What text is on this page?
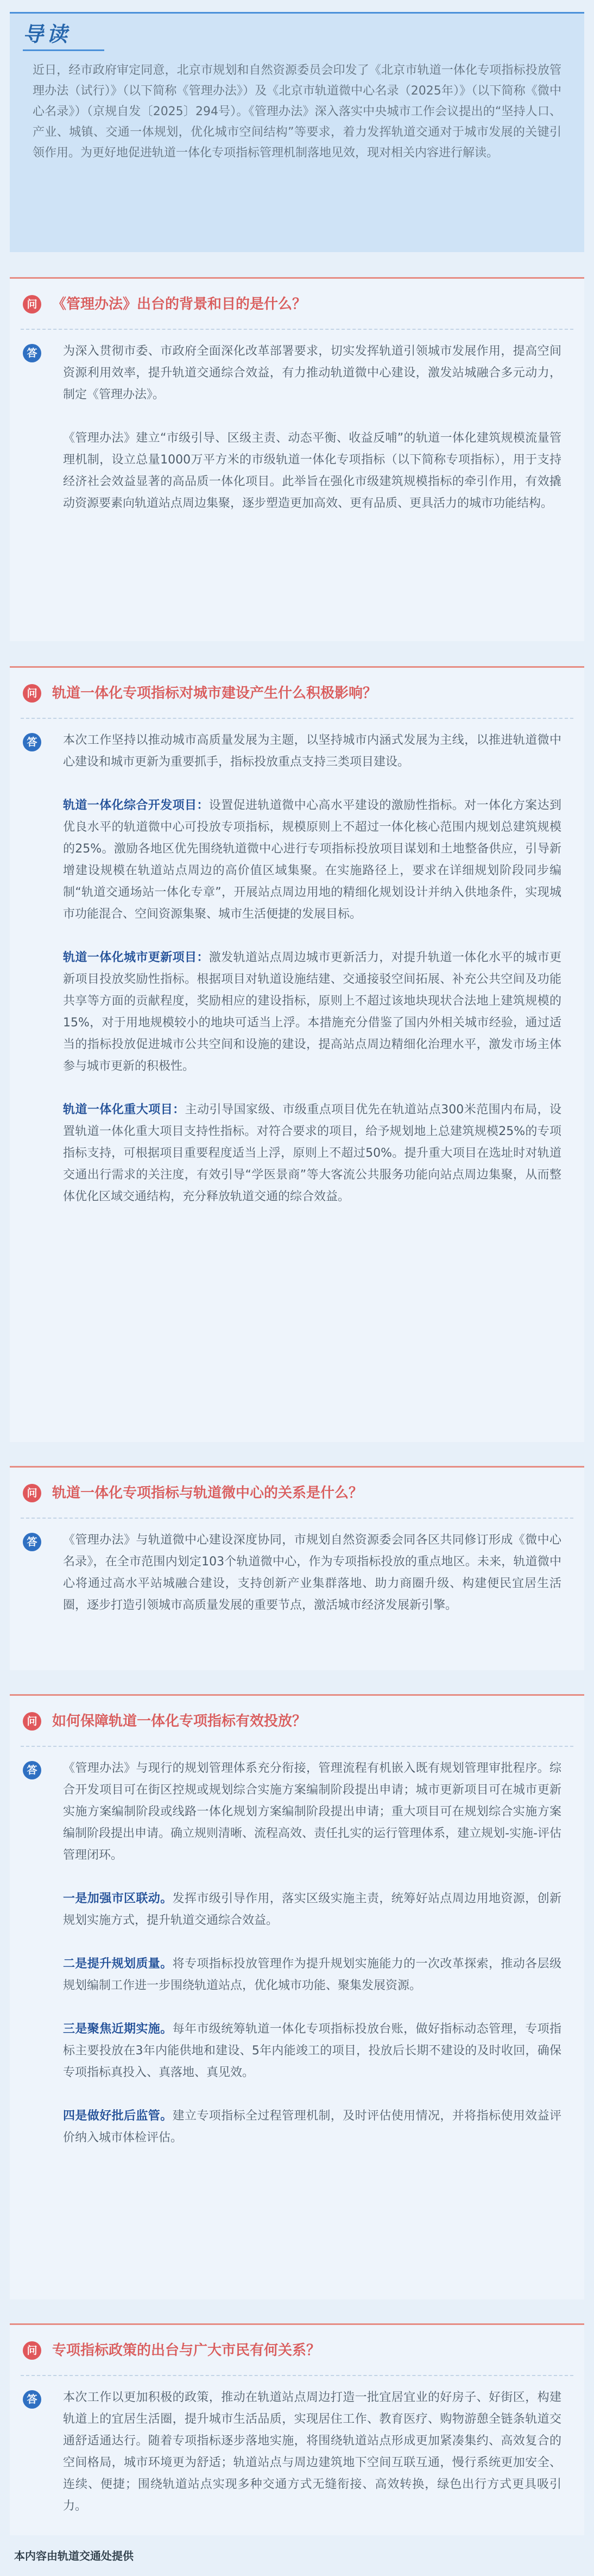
导读

近日，经市政府审定同意，北京市规划和自然资源委员会印发了《北京市轨道一体化专项指标投放管理办法（试行）》（以下简称《管理办法》）及《北京市轨道微中心名录（2025年）》（以下简称《微中心名录》）（京规自发〔2025〕294号）。《管理办法》深入落实中央城市工作会议提出的“坚持人口、产业、城镇、交通一体规划，优化城市空间结构”等要求，着力发挥轨道交通对于城市发展的关键引领作用。为更好地促进轨道一体化专项指标管理机制落地见效，现对相关内容进行解读。

问 《管理办法》出台的背景和目的是什么？
答	为深入贯彻市委、市政府全面深化改革部署要求，切实发挥轨道引领城市发展作用，提高空间资源利用效率，提升轨道交通综合效益，有力推动轨道微中心建设，激发站城融合多元动力，制定《管理办法》。

《管理办法》建立“市级引导、区级主责、动态平衡、收益反哺”的轨道一体化建筑规模流量管理机制，设立总量1000万平方米的市级轨道一体化专项指标（以下简称专项指标），用于支持经济社会效益显著的高品质一体化项目。此举旨在强化市级建筑规模指标的牵引作用，有效撬动资源要素向轨道站点周边集聚，逐步塑造更加高效、更有品质、更具活力的城市功能结构。

问 轨道一体化专项指标对城市建设产生什么积极影响？
答	本次工作坚持以推动城市高质量发展为主题，以坚持城市内涵式发展为主线，以推进轨道微中心建设和城市更新为重要抓手，指标投放重点支持三类项目建设。

轨道一体化综合开发项目：设置促进轨道微中心高水平建设的激励性指标。对一体化方案达到优良水平的轨道微中心可投放专项指标，规模原则上不超过一体化核心范围内规划总建筑规模的25%。激励各地区优先围绕轨道微中心进行专项指标投放项目谋划和土地整备供应，引导新增建设规模在轨道站点周边的高价值区域集聚。在实施路径上，要求在详细规划阶段同步编制“轨道交通场站一体化专章”，开展站点周边用地的精细化规划设计并纳入供地条件，实现城市功能混合、空间资源集聚、城市生活便捷的发展目标。

轨道一体化城市更新项目：激发轨道站点周边城市更新活力，对提升轨道一体化水平的城市更新项目投放奖励性指标。根据项目对轨道设施结建、交通接驳空间拓展、补充公共空间及功能共享等方面的贡献程度，奖励相应的建设指标，原则上不超过该地块现状合法地上建筑规模的15%，对于用地规模较小的地块可适当上浮。本措施充分借鉴了国内外相关城市经验，通过适当的指标投放促进城市公共空间和设施的建设，提高站点周边精细化治理水平，激发市场主体参与城市更新的积极性。

轨道一体化重大项目：主动引导国家级、市级重点项目优先在轨道站点300米范围内布局，设置轨道一体化重大项目支持性指标。对符合要求的项目，给予规划地上总建筑规模25%的专项指标支持，可根据项目重要程度适当上浮，原则上不超过50%。提升重大项目在选址时对轨道交通出行需求的关注度，有效引导“学医景商”等大客流公共服务功能向站点周边集聚，从而整体优化区域交通结构，充分释放轨道交通的综合效益。

问 轨道一体化专项指标与轨道微中心的关系是什么？
答	《管理办法》与轨道微中心建设深度协同，市规划自然资源委会同各区共同修订形成《微中心名录》，在全市范围内划定103个轨道微中心，作为专项指标投放的重点地区。未来，轨道微中心将通过高水平站城融合建设，支持创新产业集群落地、助力商圈升级、构建便民宜居生活圈，逐步打造引领城市高质量发展的重要节点，激活城市经济发展新引擎。

问 如何保障轨道一体化专项指标有效投放？
答	《管理办法》与现行的规划管理体系充分衔接，管理流程有机嵌入既有规划管理审批程序。综合开发项目可在街区控规或规划综合实施方案编制阶段提出申请；城市更新项目可在城市更新实施方案编制阶段或线路一体化规划方案编制阶段提出申请；重大项目可在规划综合实施方案编制阶段提出申请。确立规则清晰、流程高效、责任扎实的运行管理体系，建立规划-实施-评估管理闭环。

一是加强市区联动。发挥市级引导作用，落实区级实施主责，统筹好站点周边用地资源，创新规划实施方式，提升轨道交通综合效益。

二是提升规划质量。将专项指标投放管理作为提升规划实施能力的一次改革探索，推动各层级规划编制工作进一步围绕轨道站点，优化城市功能、聚集发展资源。

三是聚焦近期实施。每年市级统筹轨道一体化专项指标投放台账，做好指标动态管理，专项指标主要投放在3年内能供地和建设、5年内能竣工的项目，投放后长期不建设的及时收回，确保专项指标真投入、真落地、真见效。

四是做好批后监管。建立专项指标全过程管理机制，及时评估使用情况，并将指标使用效益评价纳入城市体检评估。

问 专项指标政策的出台与广大市民有何关系？
答	本次工作以更加积极的政策，推动在轨道站点周边打造一批宜居宜业的好房子、好街区，构建轨道上的宜居生活圈，提升城市生活品质，实现居住工作、教育医疗、购物游憩全链条轨道交通舒适通达行。随着专项指标逐步落地实施，将围绕轨道站点形成更加紧凑集约、高效复合的空间格局，城市环境更为舒适；轨道站点与周边建筑地下空间互联互通，慢行系统更加安全、连续、便捷；围绕轨道站点实现多种交通方式无缝衔接、高效转换，绿色出行方式更具吸引力。

本内容由轨道交通处提供
